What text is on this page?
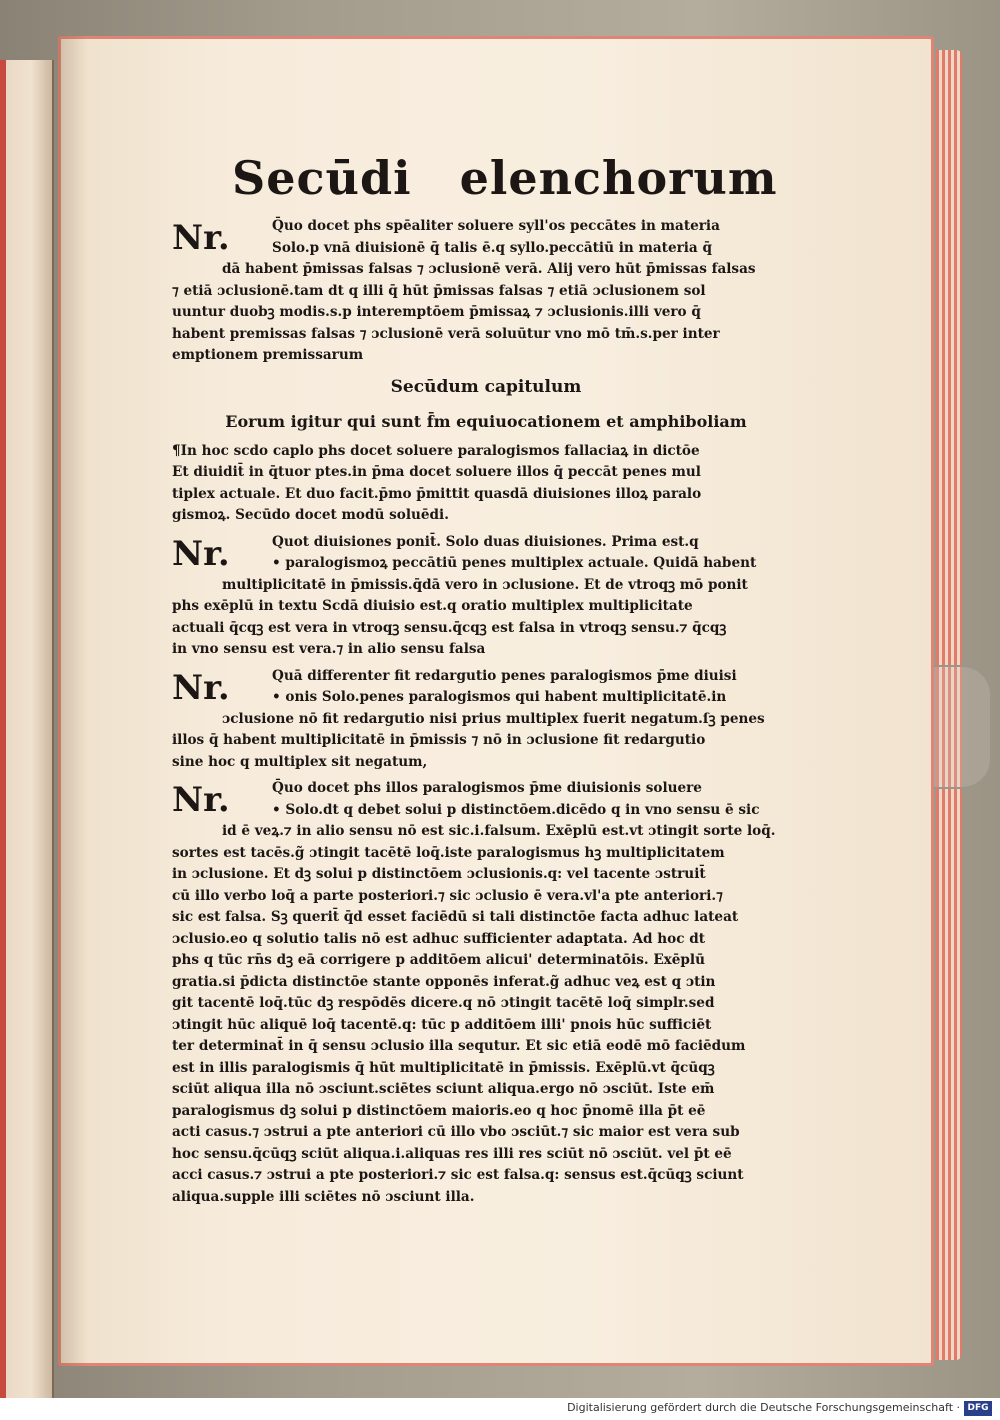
Secūdi elenchorum
Nr.	Q̄uo docet phs spēaliter soluere syll'os peccātes in materia
Solo.p vnā diuisionē q̄ talis ē.q syllo.peccātiū in materia q̄
dā habent p̄missas falsas ⁊ ɔclusionē verā. Alij vero hūt p̄missas falsas
⁊ etiā ɔclusionē.tam dt q illi q̄ hūt p̄missas falsas ⁊ etiā ɔclusionem sol
uuntur duobꝫ modis.s.p interemptōem p̄missaꝝ ⁊ ɔclusionis.illi vero q̄
habent premissas falsas ⁊ ɔclusionē verā soluūtur vno mō tm̄.s.per inter
emptionem premissarum
Secūdum capitulum
Eorum igitur qui sunt f̄m equiuocationem et amphiboliam
¶In hoc scdo caplo phs docet soluere paralogismos fallaciaꝝ in dictōe
Et diuidit̄ in q̄tuor ptes.in p̄ma docet soluere illos q̄ peccāt penes mul
tiplex actuale. Et duo facit.p̄mo p̄mittit quasdā diuisiones illoꝝ paralo
gismoꝝ. Secūdo docet modū soluēdi.
Nr.	Quot diuisiones ponit̄. Solo duas diuisiones. Prima est.q
• paralogismoꝝ peccātiū penes multiplex actuale. Quidā habent
multiplicitatē in p̄missis.q̄dā vero in ɔclusione. Et de vtroqꝫ mō ponit
phs exēplū in textu Scdā diuisio est.q oratio multiplex multiplicitate
actuali q̄cqꝫ est vera in vtroqꝫ sensu.q̄cqꝫ est falsa in vtroqꝫ sensu.⁊ q̄cqꝫ
in vno sensu est vera.⁊ in alio sensu falsa
Nr.	Quā differenter fit redargutio penes paralogismos p̄me diuisi
• onis Solo.penes paralogismos qui habent multiplicitatē.in
ɔclusione nō fit redargutio nisi prius multiplex fuerit negatum.ſꝫ penes
illos q̄ habent multiplicitatē in p̄missis ⁊ nō in ɔclusione fit redargutio
sine hoc q multiplex sit negatum,
Nr.	Q̄uo docet phs illos paralogismos p̄me diuisionis soluere
• Solo.dt q debet solui p distinctōem.dicēdo q in vno sensu ē sic
id ē veꝝ.⁊ in alio sensu nō est sic.i.falsum. Exēplū est.vt ɔtingit sorte loq̄.
sortes est tacēs.g̃ ɔtingit tacētē loq̄.iste paralogismus hꝫ multiplicitatem
in ɔclusione. Et dꝫ solui p distinctōem ɔclusionis.q: vel tacente ɔstruit̄
cū illo verbo loq̄ a parte posteriori.⁊ sic ɔclusio ē vera.vl'a pte anteriori.⁊
sic est falsa. Sꝫ querit̄ q̄d esset faciēdū si tali distinctōe facta adhuc lateat
ɔclusio.eo q solutio talis nō est adhuc sufficienter adaptata. Ad hoc dt
phs q tūc rn̄s dꝫ eā corrigere p additōem alicui' determinatōis. Exēplū
gratia.si p̄dicta distinctōe stante opponēs inferat.g̃ adhuc veꝝ est q ɔtin
git tacentē loq̄.tūc dꝫ respōdēs dicere.q nō ɔtingit tacētē loq̄ simplr.sed
ɔtingit hūc aliquē loq̄ tacentē.q: tūc p additōem illi' pnois hūc sufficiēt
ter determinat̄ in q̄ sensu ɔclusio illa sequtur. Et sic etiā eodē mō faciēdum
est in illis paralogismis q̄ hūt multiplicitatē in p̄missis. Exēplū.vt q̄cūqꝫ
sciūt aliqua illa nō ɔsciunt.sciētes sciunt aliqua.ergo nō ɔsciūt. Iste em̄
paralogismus dꝫ solui p distinctōem maioris.eo q hoc p̄nomē illa p̄t eē
acti casus.⁊ ɔstrui a pte anteriori cū illo vbo ɔsciūt.⁊ sic maior est vera sub
hoc sensu.q̄cūqꝫ sciūt aliqua.i.aliquas res illi res sciūt nō ɔsciūt. vel p̄t eē
acci casus.⁊ ɔstrui a pte posteriori.⁊ sic est falsa.q: sensus est.q̄cūqꝫ sciunt
aliqua.supple illi sciētes nō ɔsciunt illa.
Digitalisierung gefördert durch die Deutsche Forschungsgemeinschaft · DFG
